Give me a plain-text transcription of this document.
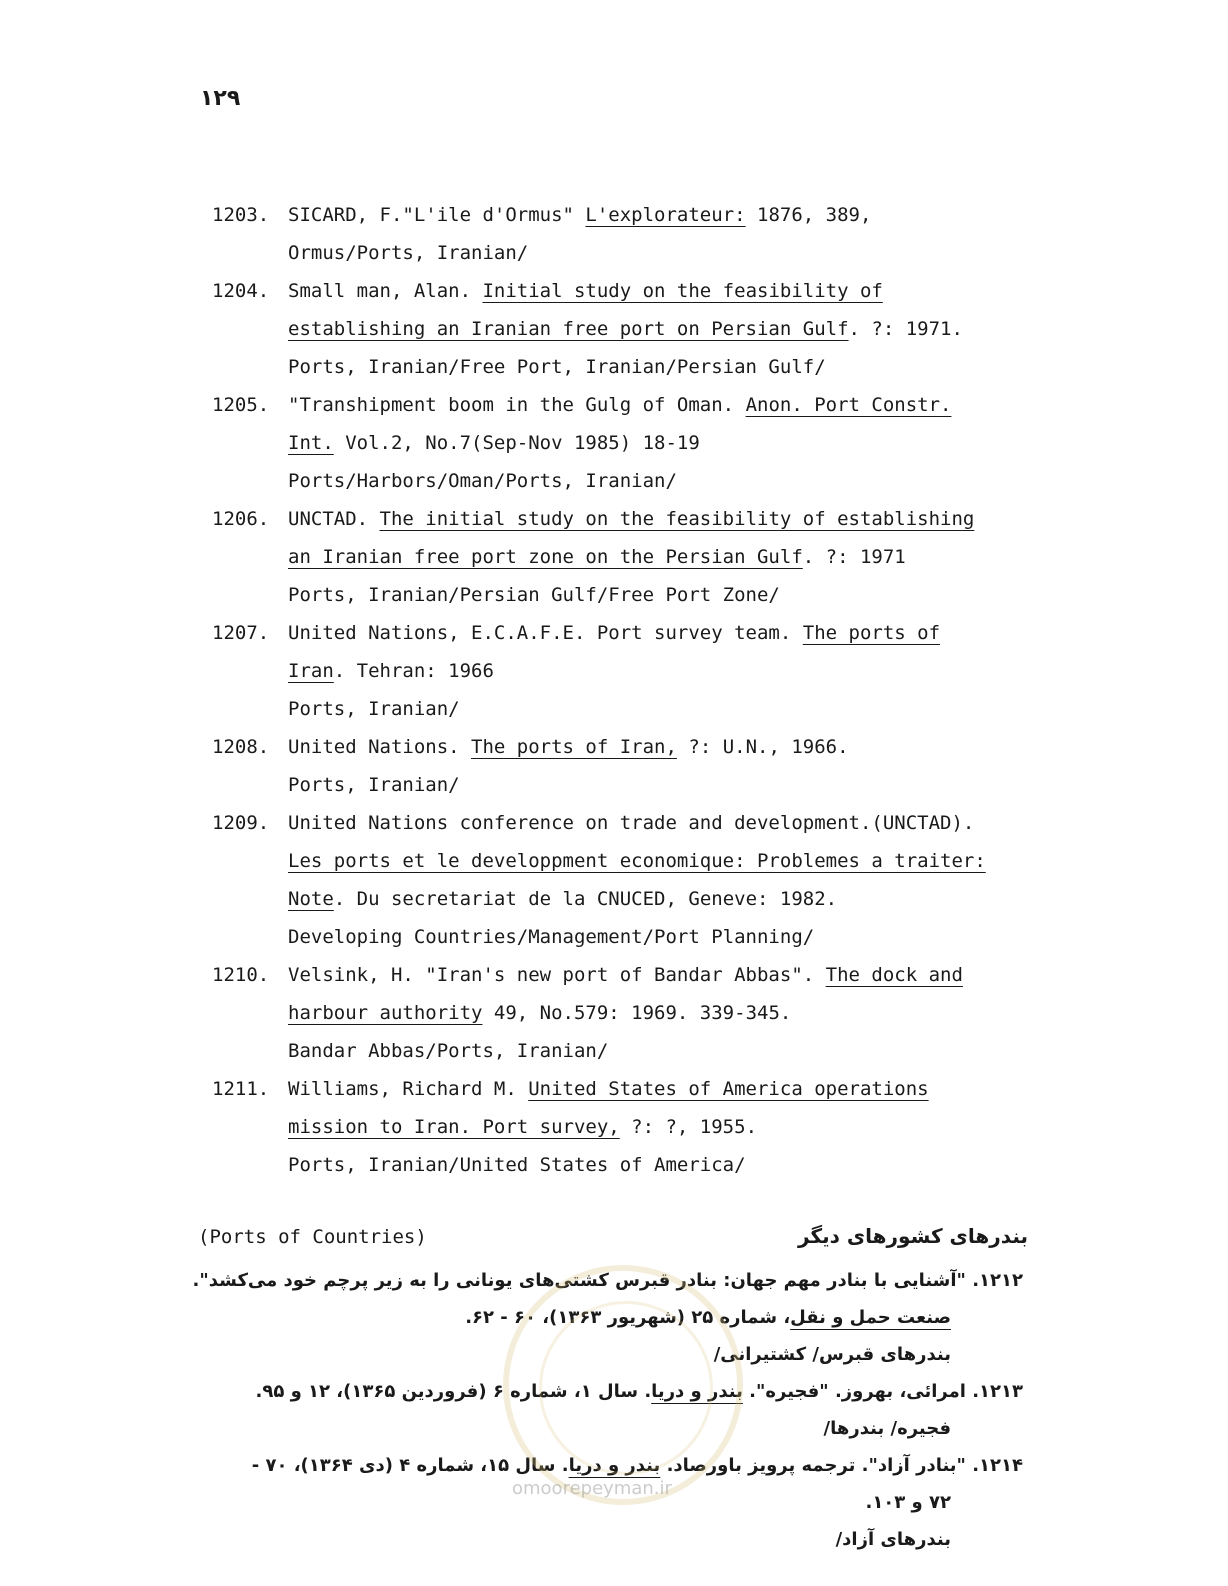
۱۲۹
1203. SICARD, F."L'ile d'Ormus" L'explorateur: 1876, 389,
Ormus/Ports, Iranian/
1204. Small man, Alan. Initial study on the feasibility of
establishing an Iranian free port on Persian Gulf. ?: 1971.
Ports, Iranian/Free Port, Iranian/Persian Gulf/
1205. "Transhipment boom in the Gulg of Oman. Anon. Port Constr.
Int. Vol.2, No.7(Sep-Nov 1985) 18-19
Ports/Harbors/Oman/Ports, Iranian/
1206. UNCTAD. The initial study on the feasibility of establishing
an Iranian free port zone on the Persian Gulf. ?: 1971
Ports, Iranian/Persian Gulf/Free Port Zone/
1207. United Nations, E.C.A.F.E. Port survey team. The ports of
Iran. Tehran: 1966
Ports, Iranian/
1208. United Nations. The ports of Iran, ?: U.N., 1966.
Ports, Iranian/
1209. United Nations conference on trade and development.(UNCTAD).
Les ports et le developpment economique: Problemes a traiter:
Note. Du secretariat de la CNUCED, Geneve: 1982.
Developing Countries/Management/Port Planning/
1210. Velsink, H. "Iran's new port of Bandar Abbas". The dock and
harbour authority 49, No.579: 1969. 339-345.
Bandar Abbas/Ports, Iranian/
1211. Williams, Richard M. United States of America operations
mission to Iran. Port survey, ?: ?, 1955.
Ports, Iranian/United States of America/
(Ports of Countries)	بندرهای کشورهای دیگر
۱۲۱۲. "آشنایی با بنادر مهم جهان: بنادر قبرس کشتی‌های یونانی را به زیر پرچم خود می‌کشد".
صنعت حمل و نقل، شماره ۲۵ (شهریور ۱۳۶۳)، ۶۰ - ۶۲.
بندرهای قبرس/ کشتیرانی/
۱۲۱۳. امرائی، بهروز. "فجیره". بندر و دریا. سال ۱، شماره ۶ (فروردین ۱۳۶۵)، ۱۲ و ۹۵.
فجیره/ بندرها/
۱۲۱۴. "بنادر آزاد". ترجمه پرویز باورصاد. بندر و دریا. سال ۱۵، شماره ۴ (دی ۱۳۶۴)، ۷۰ -
۷۲ و ۱۰۳.
بندرهای آزاد/
omoorepeyman.ir
